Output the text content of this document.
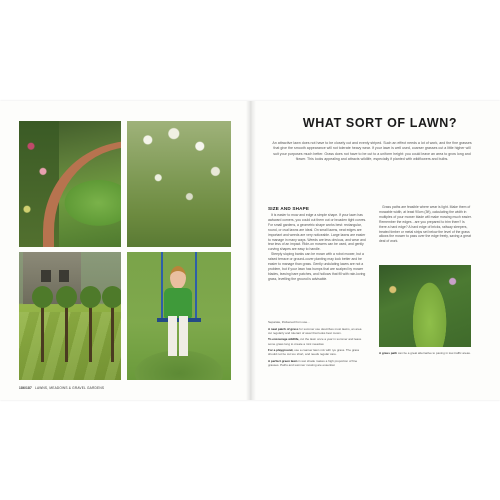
WHAT SORT OF LAWN?
An attractive lawn does not have to be closely cut and evenly striped. Such an effect needs a lot of work, and the fine grasses that give the smooth appearance will not tolerate heavy wear. If your lawn is well used, coarser grasses cut a little higher will suit your purposes much better. Grass does not have to be cut to a uniform height: you could leave an area to grow long and flower. This looks appealing and attracts wildlife, especially if planted with wildflowers and bulbs.
SIZE AND SHAPE

It is easier to mow and edge a simple shape. If your lawn has awkward corners, you could cut them out or broaden tight curves. For small gardens, a geometric shape works best: rectangular, round, or oval lawns are ideal. On small lawns, neat edges are important and weeds are very noticeable. Large lawns are easier to manage in many ways. Weeds are less obvious, and wear and tear less of an impact. Ride-on mowers can be used, and gently curving shapes are easy to handle.

Steeply sloping banks can be mown with a robot mower, but a raised terrace or ground-cover planting may look better and be easier to manage than grass. Gently undulating lawns are not a problem, but if your lawn has humps that are scalped by mower blades, leaving bare patches, and hollows that fill with rain-loving grass, levelling the ground is advisable.

Grass paths are feasible where wear is light. Make them of mowable width, at least 90cm (3ft), calculating the width in multiples of your mower blade will make mowing much easier. Remember the edges - are you prepared to trim them? Is there a hard edge? A hard edge of bricks, railway sleepers, treated timber or metal strips set below the level of the grass allows the mower to pass over the edge freely, saving a great deal of work.

Separate, thickened from use...

A neat patch of grass for summer use describes most lawns, an area cut regularly and tolerant of wear that looks best mown.

To encourage wildlife, cut the lawn once a year in summer and leave some grass long to create a mini meadow.

For a playground, use a coarser lawn mix with rye grass. The grass should not be cut too short, and needs regular care.

A perfect green lawn in wet shade makes a high proportion of fine grasses. Paths and summer mowing are essential.

A grass path can be a great alternative to paving in low-traffic areas.
186/187 LAWNS, MEADOWS & GRAVEL GARDENS
